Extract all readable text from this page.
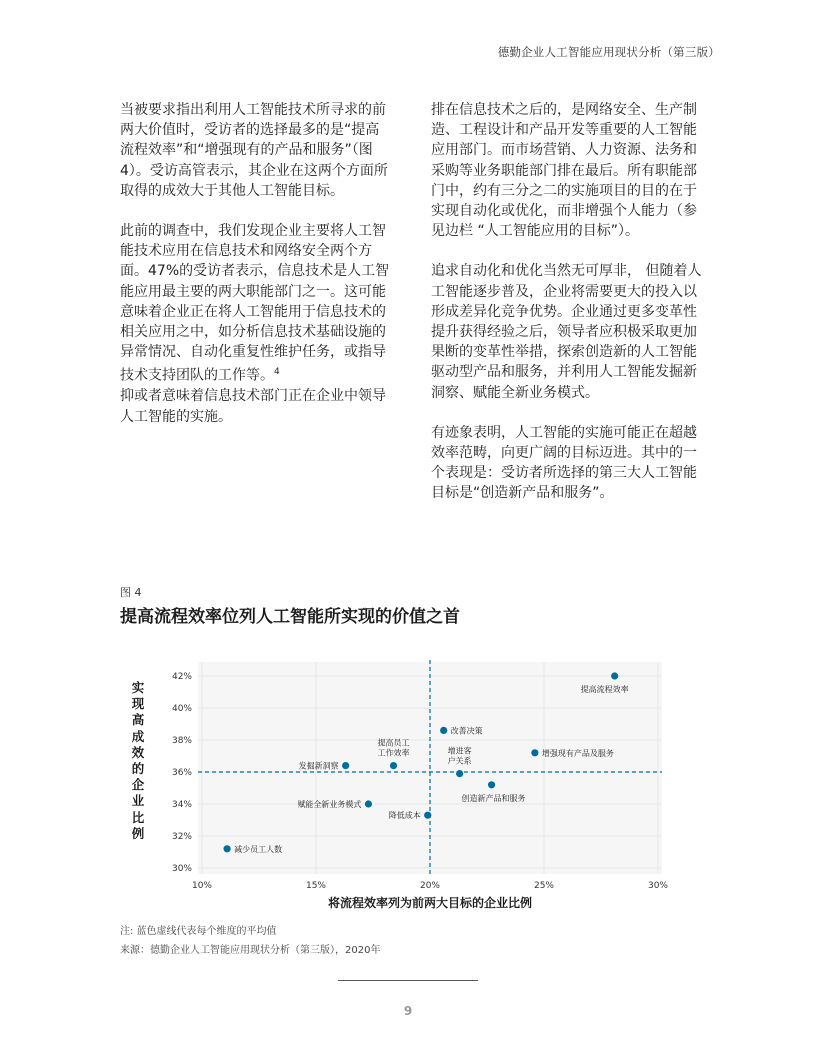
德勤企业人工智能应用现状分析（第三版）

当被要求指出利用人工智能技术所寻求的前两大价值时，受访者的选择最多的是“提高流程效率”和“增强现有的产品和服务”（图4）。受访高管表示，其企业在这两个方面所取得的成效大于其他人工智能目标。

此前的调查中，我们发现企业主要将人工智能技术应用在信息技术和网络安全两个方面。47%的受访者表示，信息技术是人工智能应用最主要的两大职能部门之一。这可能意味着企业正在将人工智能用于信息技术的相关应用之中，如分析信息技术基础设施的异常情况、自动化重复性维护任务，或指导技术支持团队的工作等。$^4$

抑或者意味着信息技术部门正在企业中领导人工智能的实施。

排在信息技术之后的，是网络安全、生产制造、工程设计和产品开发等重要的人工智能应用部门。而市场营销、人力资源、法务和采购等业务职能部门排在最后。所有职能部门中，约有三分之二的实施项目的目的在于实现自动化或优化，而非增强个人能力（参见边栏 “人工智能应用的目标”）。

追求自动化和优化当然无可厚非， 但随着人工智能逐步普及，企业将需要更大的投入以形成差异化竞争优势。企业通过更多变革性提升获得经验之后，领导者应积极采取更加果断的变革性举措，探索创造新的人工智能驱动型产品和服务，并利用人工智能发掘新洞察、赋能全新业务模式。

有迹象表明，人工智能的实施可能正在超越效率范畴，向更广阔的目标迈进。其中的一个表现是：受访者所选择的第三大人工智能目标是“创造新产品和服务”。

图 4
提高流程效率位列人工智能所实现的价值之首
实现高成效的企业比例
将流程效率列为前两大目标的企业比例
30%
32%
34%
36%
38%
40%
42%
10%	15%	20%	25%	30%
提高流程效率
改善决策
增强现有产品及服务
提高员工工作效率
发掘新洞察
增进客户关系
创造新产品和服务
赋能全新业务模式
降低成本
减少员工人数
注: 蓝色虚线代表每个维度的平均值
来源：德勤企业人工智能应用现状分析（第三版），2020年
9
